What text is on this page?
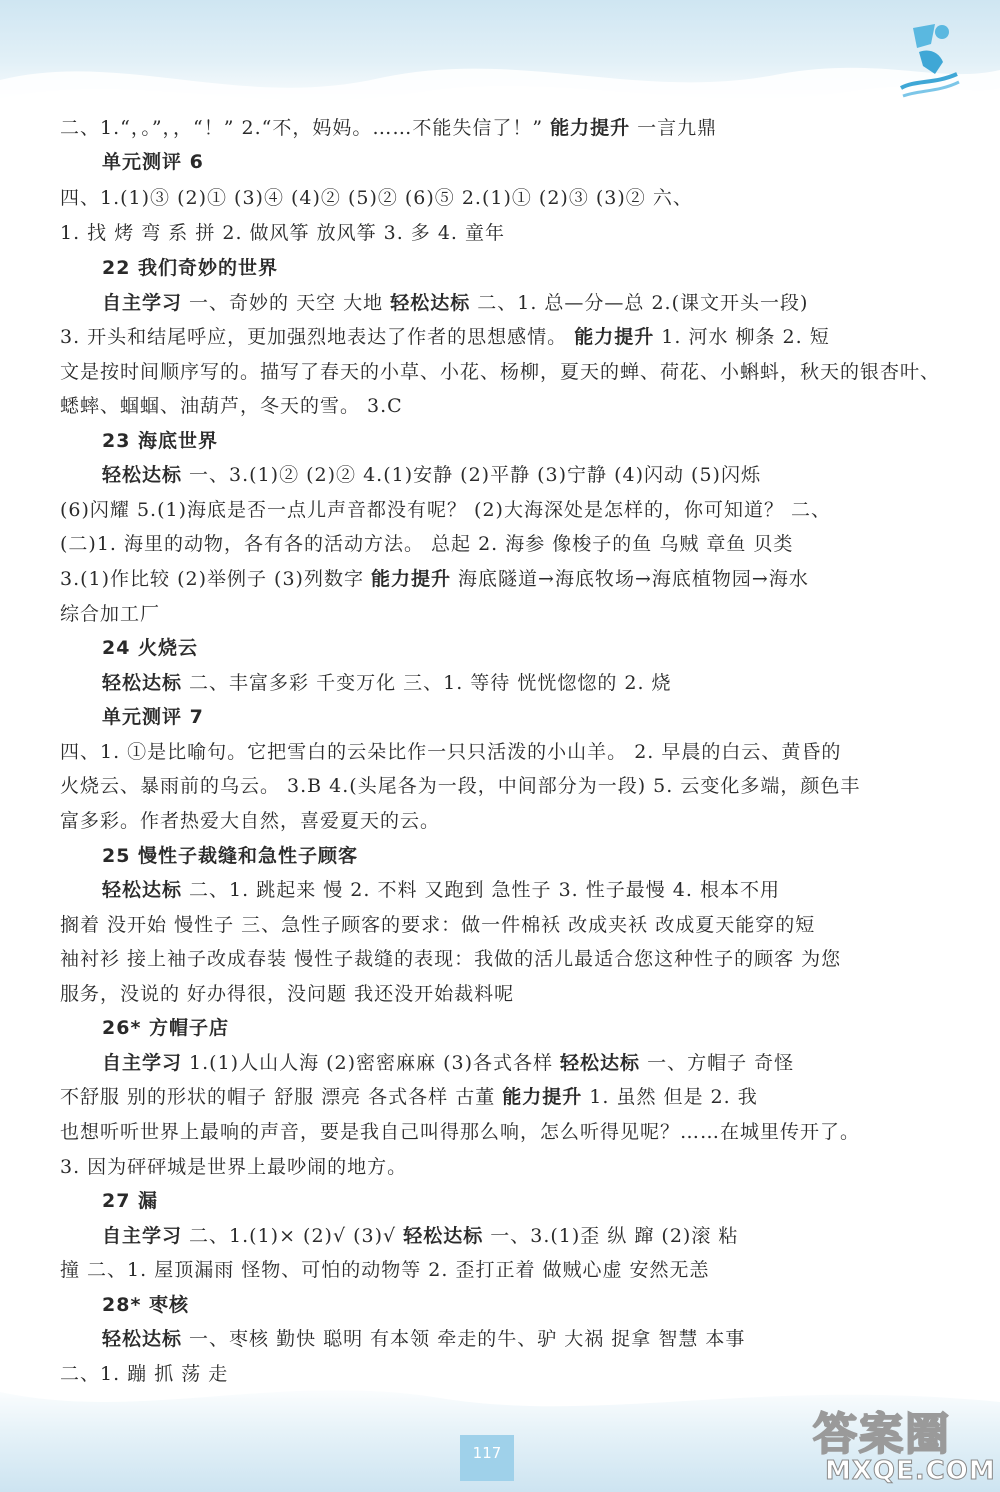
二、1.“，。”，，“！” 2.“不，妈妈。……不能失信了！” 能力提升 一言九鼎
单元测评 6
四、1.(1)③ (2)① (3)④ (4)② (5)② (6)⑤ 2.(1)① (2)③ (3)② 六、
1. 找 烤 弯 系 拼 2. 做风筝 放风筝 3. 多 4. 童年
22 我们奇妙的世界
自主学习 一、奇妙的 天空 大地 轻松达标 二、1. 总—分—总 2.(课文开头一段)
3. 开头和结尾呼应，更加强烈地表达了作者的思想感情。 能力提升 1. 河水 柳条 2. 短
文是按时间顺序写的。描写了春天的小草、小花、杨柳，夏天的蝉、荷花、小蝌蚪，秋天的银杏叶、
蟋蟀、蝈蝈、油葫芦，冬天的雪。 3.C
23 海底世界
轻松达标 一、3.(1)② (2)② 4.(1)安静 (2)平静 (3)宁静 (4)闪动 (5)闪烁
(6)闪耀 5.(1)海底是否一点儿声音都没有呢？ (2)大海深处是怎样的，你可知道？ 二、
(二)1. 海里的动物，各有各的活动方法。 总起 2. 海参 像梭子的鱼 乌贼 章鱼 贝类
3.(1)作比较 (2)举例子 (3)列数字 能力提升 海底隧道→海底牧场→海底植物园→海水
综合加工厂
24 火烧云
轻松达标 二、丰富多彩 千变万化 三、1. 等待 恍恍惚惚的 2. 烧
单元测评 7
四、1. ①是比喻句。它把雪白的云朵比作一只只活泼的小山羊。 2. 早晨的白云、黄昏的
火烧云、暴雨前的乌云。 3.B 4.(头尾各为一段，中间部分为一段) 5. 云变化多端，颜色丰
富多彩。作者热爱大自然，喜爱夏天的云。
25 慢性子裁缝和急性子顾客
轻松达标 二、1. 跳起来 慢 2. 不料 又跑到 急性子 3. 性子最慢 4. 根本不用
搁着 没开始 慢性子 三、急性子顾客的要求：做一件棉袄 改成夹袄 改成夏天能穿的短
袖衬衫 接上袖子改成春装 慢性子裁缝的表现：我做的活儿最适合您这种性子的顾客 为您
服务，没说的 好办得很，没问题 我还没开始裁料呢
26* 方帽子店
自主学习 1.(1)人山人海 (2)密密麻麻 (3)各式各样 轻松达标 一、方帽子 奇怪
不舒服 别的形状的帽子 舒服 漂亮 各式各样 古董 能力提升 1. 虽然 但是 2. 我
也想听听世界上最响的声音，要是我自己叫得那么响，怎么听得见呢？……在城里传开了。
3. 因为砰砰城是世界上最吵闹的地方。
27 漏
自主学习 二、1.(1)× (2)√ (3)√ 轻松达标 一、3.(1)歪 纵 蹿 (2)滚 粘
撞 二、1. 屋顶漏雨 怪物、可怕的动物等 2. 歪打正着 做贼心虚 安然无恙
28* 枣核
轻松达标 一、枣核 勤快 聪明 有本领 牵走的牛、驴 大祸 捉拿 智慧 本事
二、1. 蹦 抓 荡 走
117	答案圈
MXQE.COM
